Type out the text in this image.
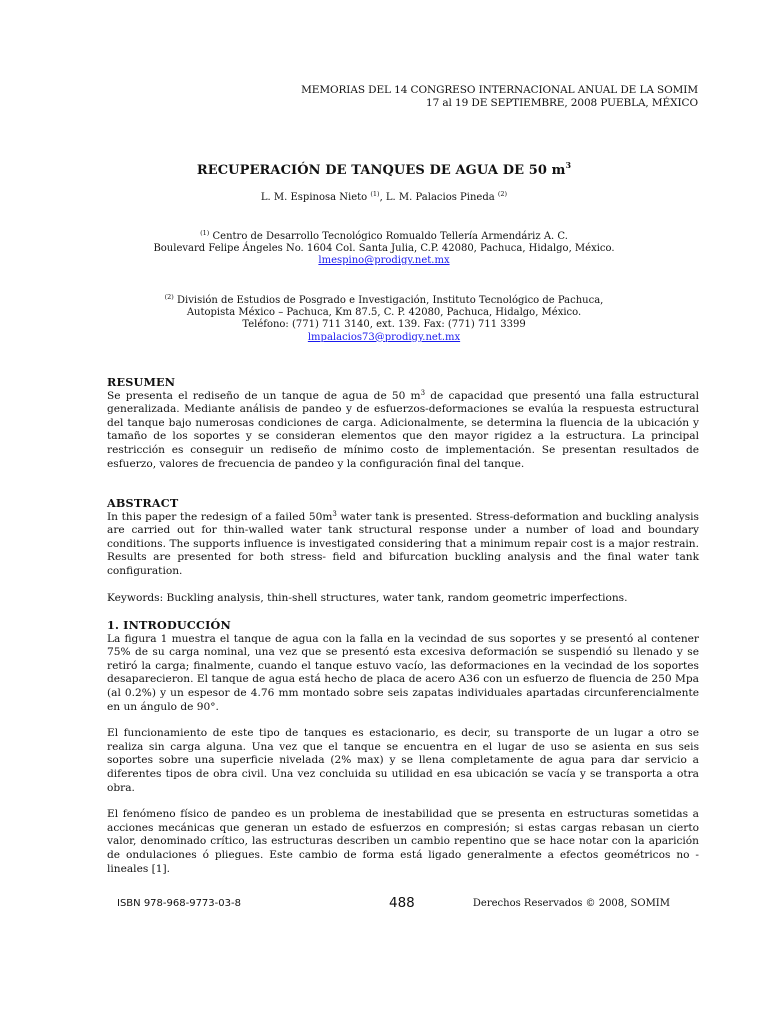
MEMORIAS DEL 14 CONGRESO INTERNACIONAL ANUAL DE LA SOMIM
17 al 19 DE SEPTIEMBRE, 2008 PUEBLA, MÉXICO
RECUPERACIÓN DE TANQUES DE AGUA DE 50 $m^3$
L. M. Espinosa Nieto $^{(1)}$, L. M. Palacios Pineda $^{(2)}$
$^{(1)}$ Centro de Desarrollo Tecnológico Romualdo Tellería Armendáriz A. C.
Boulevard Felipe Ángeles No. 1604 Col. Santa Julia, C.P. 42080, Pachuca, Hidalgo, México.
lmespino@prodigy.net.mx
$^{(2)}$ División de Estudios de Posgrado e Investigación, Instituto Tecnológico de Pachuca,
Autopista México – Pachuca, Km 87.5, C. P. 42080, Pachuca, Hidalgo, México.
Teléfono: (771) 711 3140, ext. 139. Fax: (771) 711 3399
lmpalacios73@prodigy.net.mx
RESUMEN
Se presenta el rediseño de un tanque de agua de 50 $m^3$ de capacidad que presentó una falla estructural generalizada. Mediante análisis de pandeo y de esfuerzos-deformaciones se evalúa la respuesta estructural del tanque bajo numerosas condiciones de carga. Adicionalmente, se determina la fluencia de la ubicación y tamaño de los soportes y se consideran elementos que den mayor rigidez a la estructura. La principal restricción es conseguir un rediseño de mínimo costo de implementación. Se presentan resultados de esfuerzo, valores de frecuencia de pandeo y la configuración final del tanque.
ABSTRACT
In this paper the redesign of a failed $50m^3$ water tank is presented. Stress-deformation and buckling analysis are carried out for thin-walled water tank structural response under a number of load and boundary conditions. The supports influence is investigated considering that a minimum repair cost is a major restrain. Results are presented for both stress- field and bifurcation buckling analysis and the final water tank configuration.
Keywords: Buckling analysis, thin-shell structures, water tank, random geometric imperfections.
1. INTRODUCCIÓN
La figura 1 muestra el tanque de agua con la falla en la vecindad de sus soportes y se presentó al contener 75% de su carga nominal, una vez que se presentó esta excesiva deformación se suspendió su llenado y se retiró la carga; finalmente, cuando el tanque estuvo vacío, las deformaciones en la vecindad de los soportes desaparecieron. El tanque de agua está hecho de placa de acero A36 con un esfuerzo de fluencia de 250 Mpa (al 0.2%) y un espesor de 4.76 mm montado sobre seis zapatas individuales apartadas circunferencialmente en un ángulo de 90°.
El funcionamiento de este tipo de tanques es estacionario, es decir, su transporte de un lugar a otro se realiza sin carga alguna. Una vez que el tanque se encuentra en el lugar de uso se asienta en sus seis soportes sobre una superficie nivelada (2% max) y se llena completamente de agua para dar servicio a diferentes tipos de obra civil. Una vez concluida su utilidad en esa ubicación se vacía y se transporta a otra obra.
El fenómeno físico de pandeo es un problema de inestabilidad que se presenta en estructuras sometidas a acciones mecánicas que generan un estado de esfuerzos en compresión; si estas cargas rebasan un cierto valor, denominado crítico, las estructuras describen un cambio repentino que se hace notar con la aparición de ondulaciones ó pliegues. Este cambio de forma está ligado generalmente a efectos geométricos no - lineales [1].
ISBN 978-968-9773-03-8	488	Derechos Reservados © 2008, SOMIM
